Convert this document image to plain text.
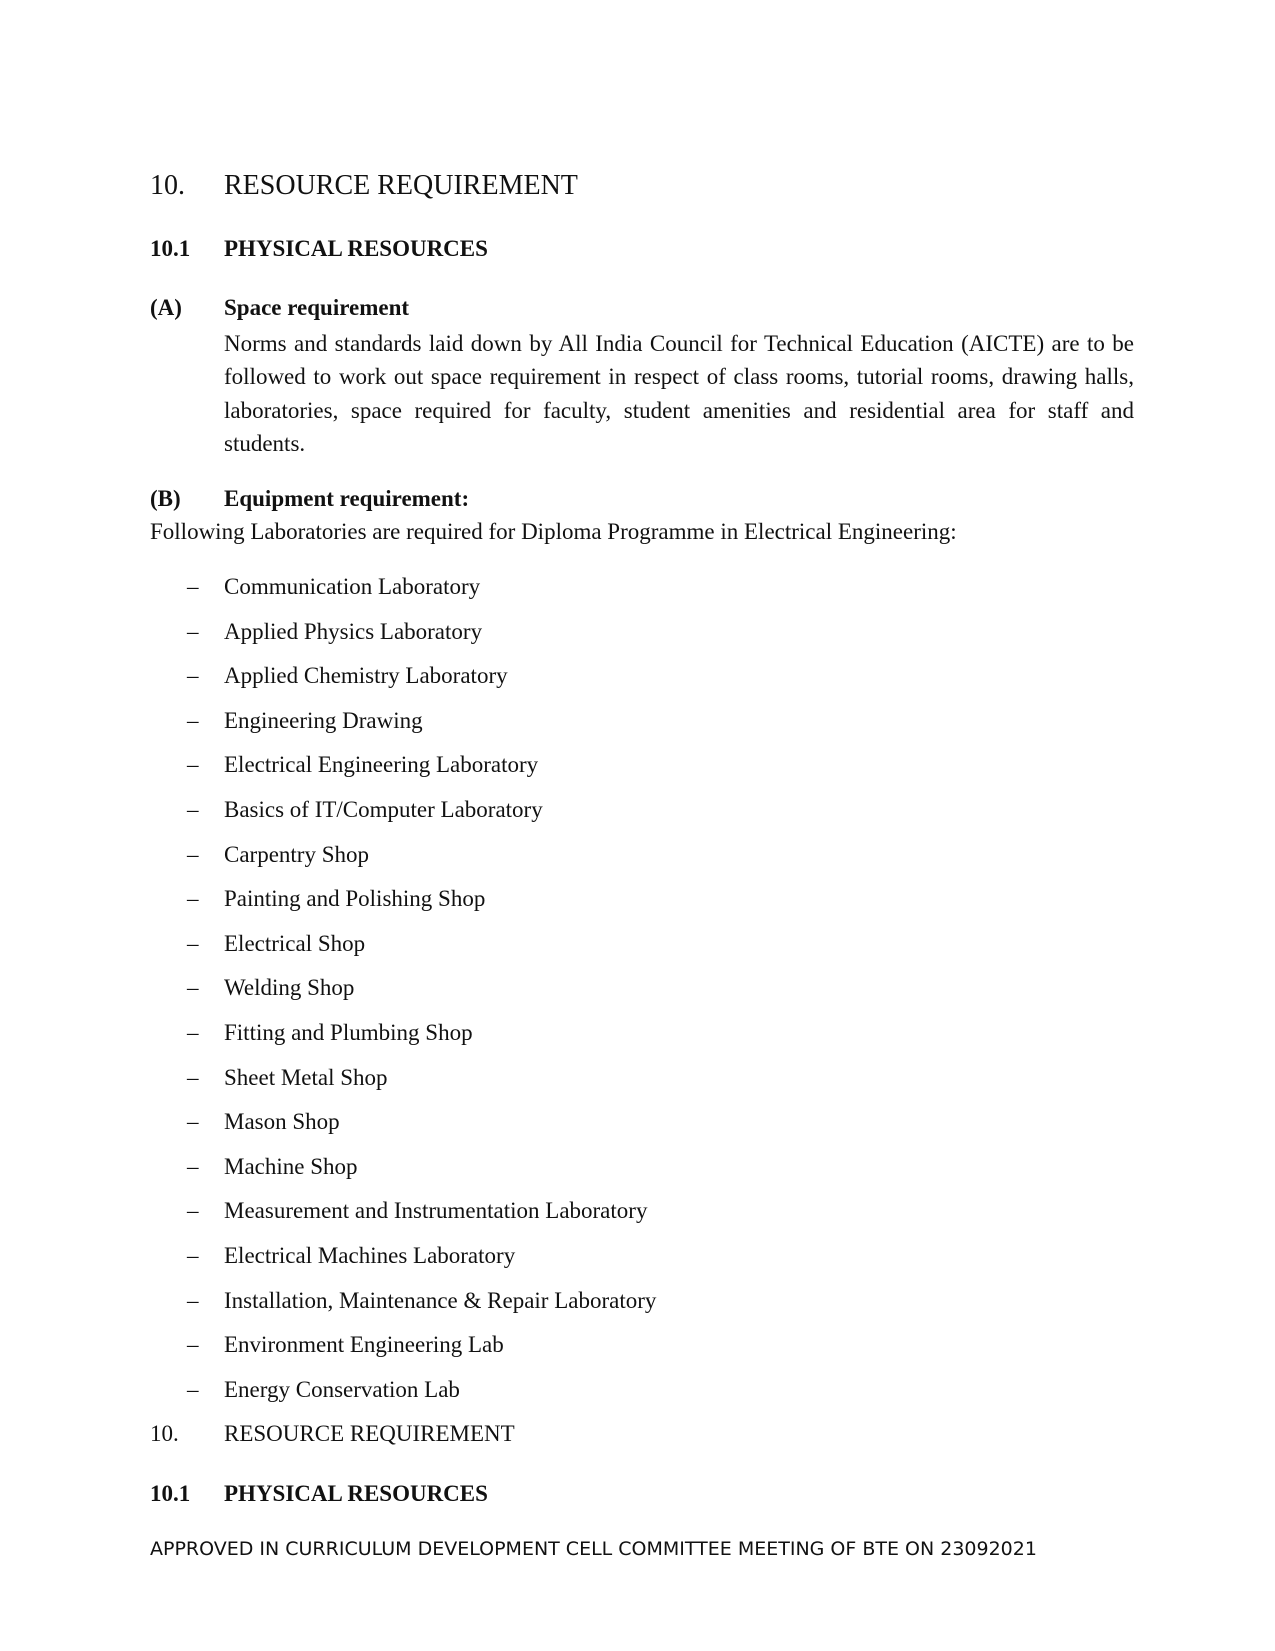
10. RESOURCE REQUIREMENT
10.1 PHYSICAL RESOURCES
(A) Space requirement
Norms and standards laid down by All India Council for Technical Education (AICTE) are to be followed to work out space requirement in respect of class rooms, tutorial rooms, drawing halls, laboratories, space required for faculty, student amenities and residential area for staff and students.
(B) Equipment requirement:
Following Laboratories are required for Diploma Programme in Electrical Engineering:
– Communication Laboratory
– Applied Physics Laboratory
– Applied Chemistry Laboratory
– Engineering Drawing
– Electrical Engineering Laboratory
– Basics of IT/Computer Laboratory
– Carpentry Shop
– Painting and Polishing Shop
– Electrical Shop
– Welding Shop
– Fitting and Plumbing Shop
– Sheet Metal Shop
– Mason Shop
– Machine Shop
– Measurement and Instrumentation Laboratory
– Electrical Machines Laboratory
– Installation, Maintenance & Repair Laboratory
– Environment Engineering Lab
– Energy Conservation Lab
10. RESOURCE REQUIREMENT
10.1 PHYSICAL RESOURCES
APPROVED IN CURRICULUM DEVELOPMENT CELL COMMITTEE MEETING OF BTE ON 23092021
